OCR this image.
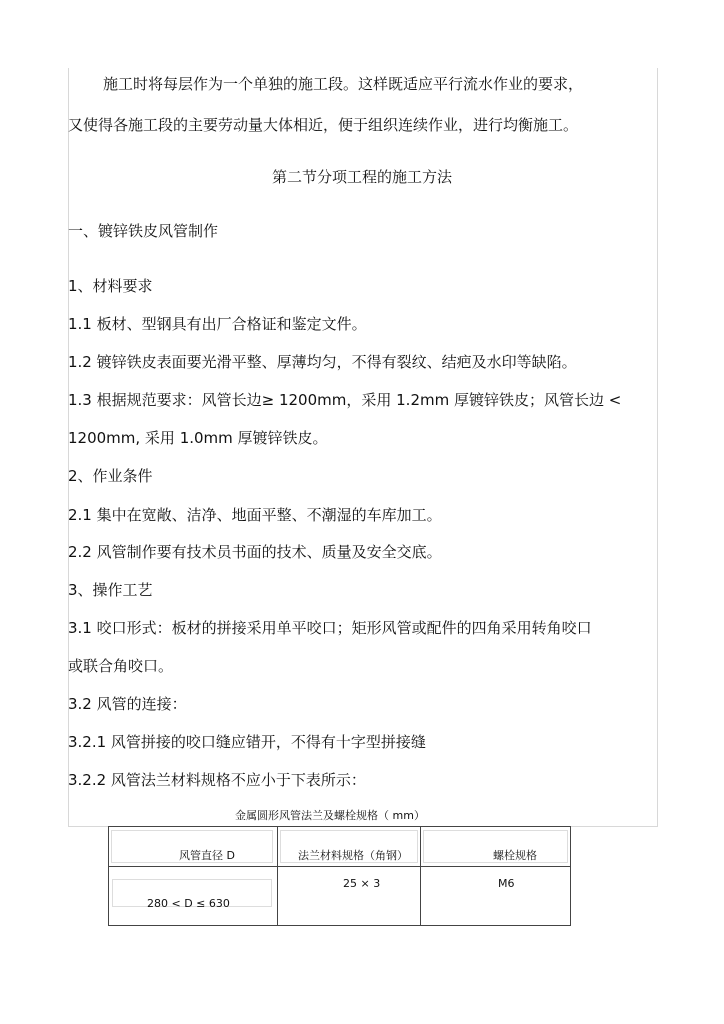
施工时将每层作为一个单独的施工段。这样既适应平行流水作业的要求，
又使得各施工段的主要劳动量大体相近，便于组织连续作业，进行均衡施工。
第二节分项工程的施工方法
一、镀锌铁皮风管制作
1、材料要求
1.1 板材、型钢具有出厂合格证和鉴定文件。
1.2 镀锌铁皮表面要光滑平整、厚薄均匀，不得有裂纹、结疤及水印等缺陷。
1.3 根据规范要求：风管长边≥ 1200mm，采用 1.2mm 厚镀锌铁皮；风管长边 <
1200mm, 采用 1.0mm 厚镀锌铁皮。
2、作业条件
2.1 集中在宽敞、洁净、地面平整、不潮湿的车库加工。
2.2 风管制作要有技术员书面的技术、质量及安全交底。
3、操作工艺
3.1 咬口形式：板材的拼接采用单平咬口；矩形风管或配件的四角采用转角咬口
或联合角咬口。
3.2 风管的连接：
3.2.1 风管拼接的咬口缝应错开，不得有十字型拼接缝
3.2.2 风管法兰材料规格不应小于下表所示：
金属圆形风管法兰及螺栓规格（ mm）
风管直径 D	法兰材料规格（角钢）	螺栓规格

280 < D ≤ 630	25 × 3	M6
